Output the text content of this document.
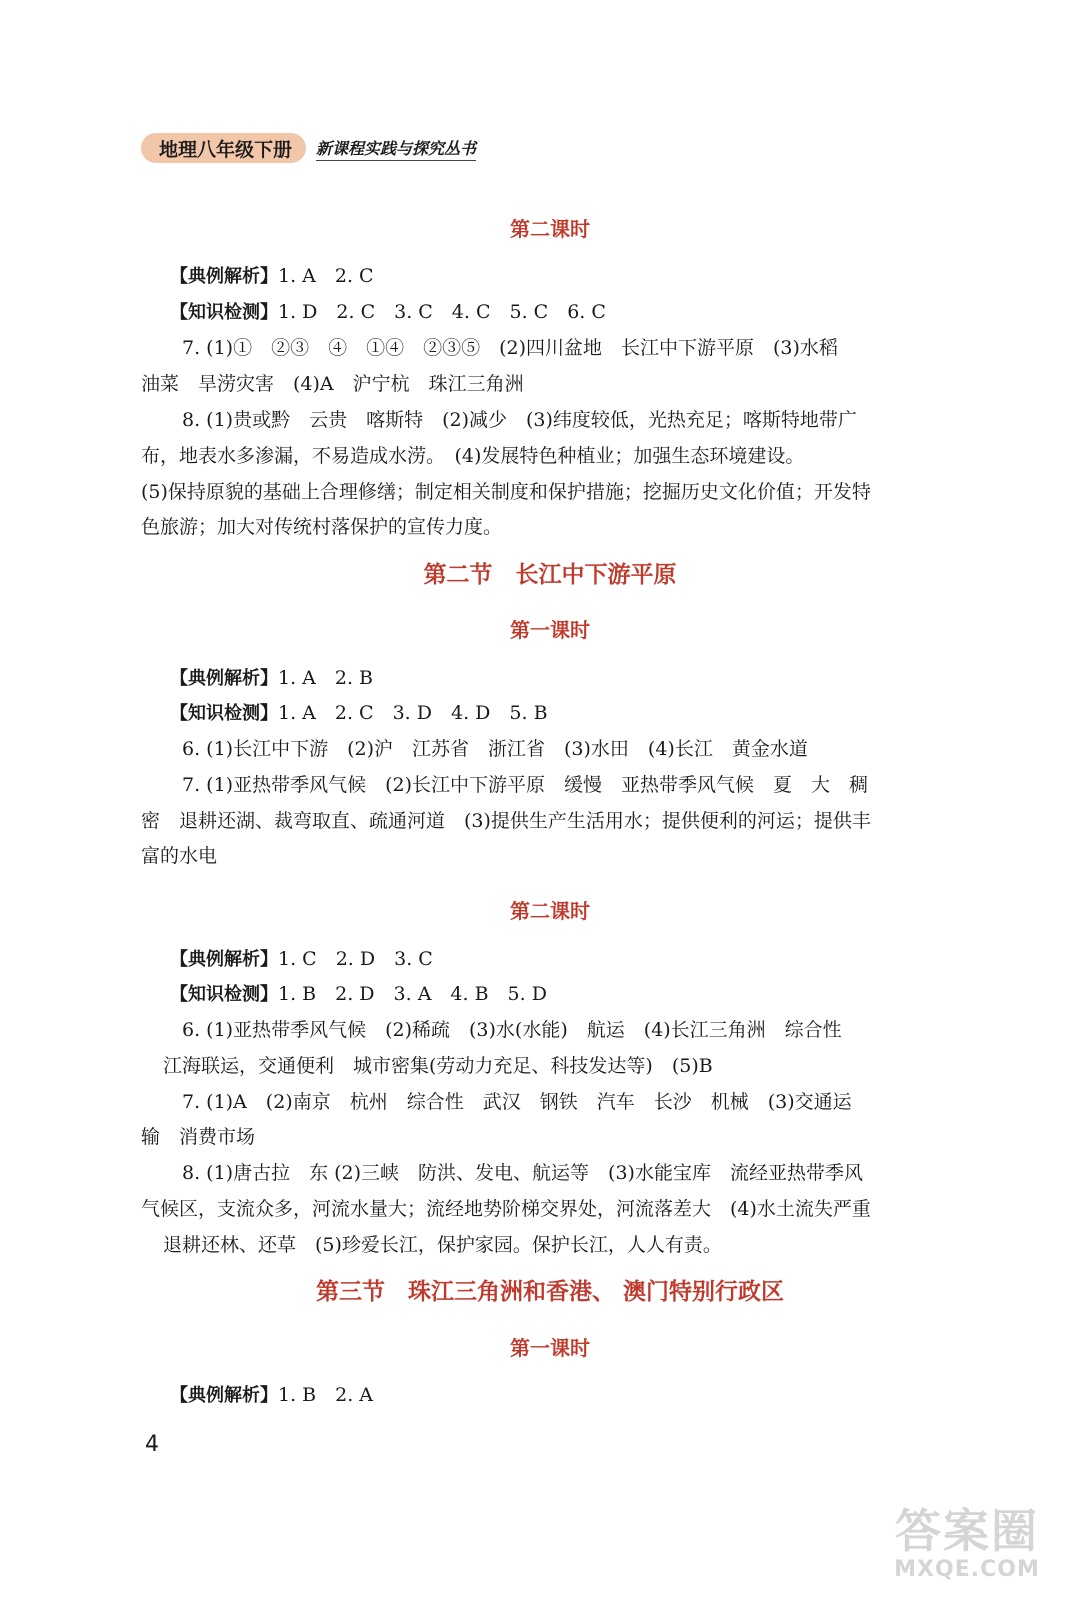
地理八年级下册	新课程实践与探究丛书
第二课时
【典例解析】1. A　2. C
【知识检测】1. D　2. C　3. C　4. C　5. C　6. C
7. (1)①　②③　④　①④　②③⑤　(2)四川盆地　长江中下游平原　(3)水稻
油菜　旱涝灾害　(4)A　沪宁杭　珠江三角洲
8. (1)贵或黔　云贵　喀斯特　(2)减少　(3)纬度较低，光热充足；喀斯特地带广
布，地表水多渗漏，不易造成水涝。　(4)发展特色种植业；加强生态环境建设。
(5)保持原貌的基础上合理修缮；制定相关制度和保护措施；挖掘历史文化价值；开发特
色旅游；加大对传统村落保护的宣传力度。
第二节　长江中下游平原
第一课时
【典例解析】1. A　2. B
【知识检测】1. A　2. C　3. D　4. D　5. B
6. (1)长江中下游　(2)沪　江苏省　浙江省　(3)水田　(4)长江　黄金水道
7. (1)亚热带季风气候　(2)长江中下游平原　缓慢　亚热带季风气候　夏　大　稠
密　退耕还湖、裁弯取直、疏通河道　(3)提供生产生活用水；提供便利的河运；提供丰
富的水电
第二课时
【典例解析】1. C　2. D　3. C
【知识检测】1. B　2. D　3. A　4. B　5. D
6. (1)亚热带季风气候　(2)稀疏　(3)水(水能)　航运　(4)长江三角洲　综合性
江海联运，交通便利　城市密集(劳动力充足、科技发达等)　(5)B
7. (1)A　(2)南京　杭州　综合性　武汉　钢铁　汽车　长沙　机械　(3)交通运
输　消费市场
8. (1)唐古拉　东 (2)三峡　防洪、发电、航运等　(3)水能宝库　流经亚热带季风
气候区，支流众多，河流水量大；流经地势阶梯交界处，河流落差大　(4)水土流失严重
退耕还林、还草　(5)珍爱长江，保护家园。保护长江，人人有责。
第三节　珠江三角洲和香港、 澳门特别行政区
第一课时
【典例解析】1. B　2. A
4
答案圈
MXQE.COM
